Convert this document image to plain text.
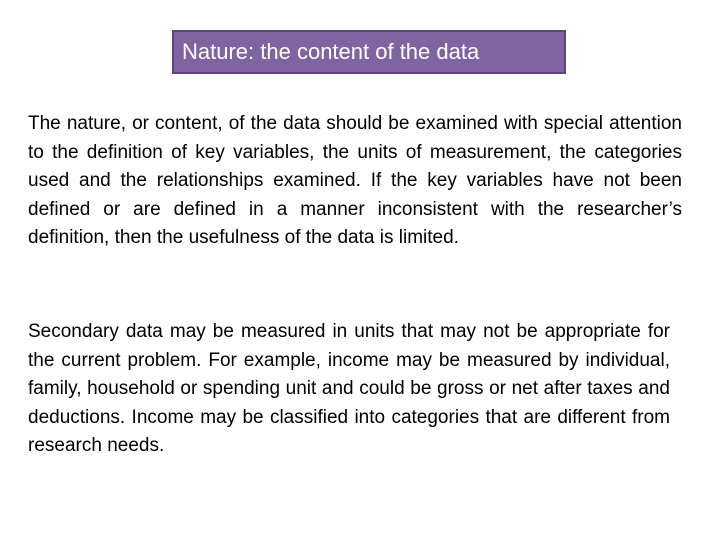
Nature: the content of the data

The nature, or content, of the data should be examined with special attention to the definition of key variables, the units of measurement, the categories used and the relationships examined. If the key variables have not been defined or are defined in a manner inconsistent with the researcher’s definition, then the usefulness of the data is limited.

Secondary data may be measured in units that may not be appropriate for the current problem. For example, income may be measured by individual, family, household or spending unit and could be gross or net after taxes and deductions. Income may be classified into categories that are different from research needs.
